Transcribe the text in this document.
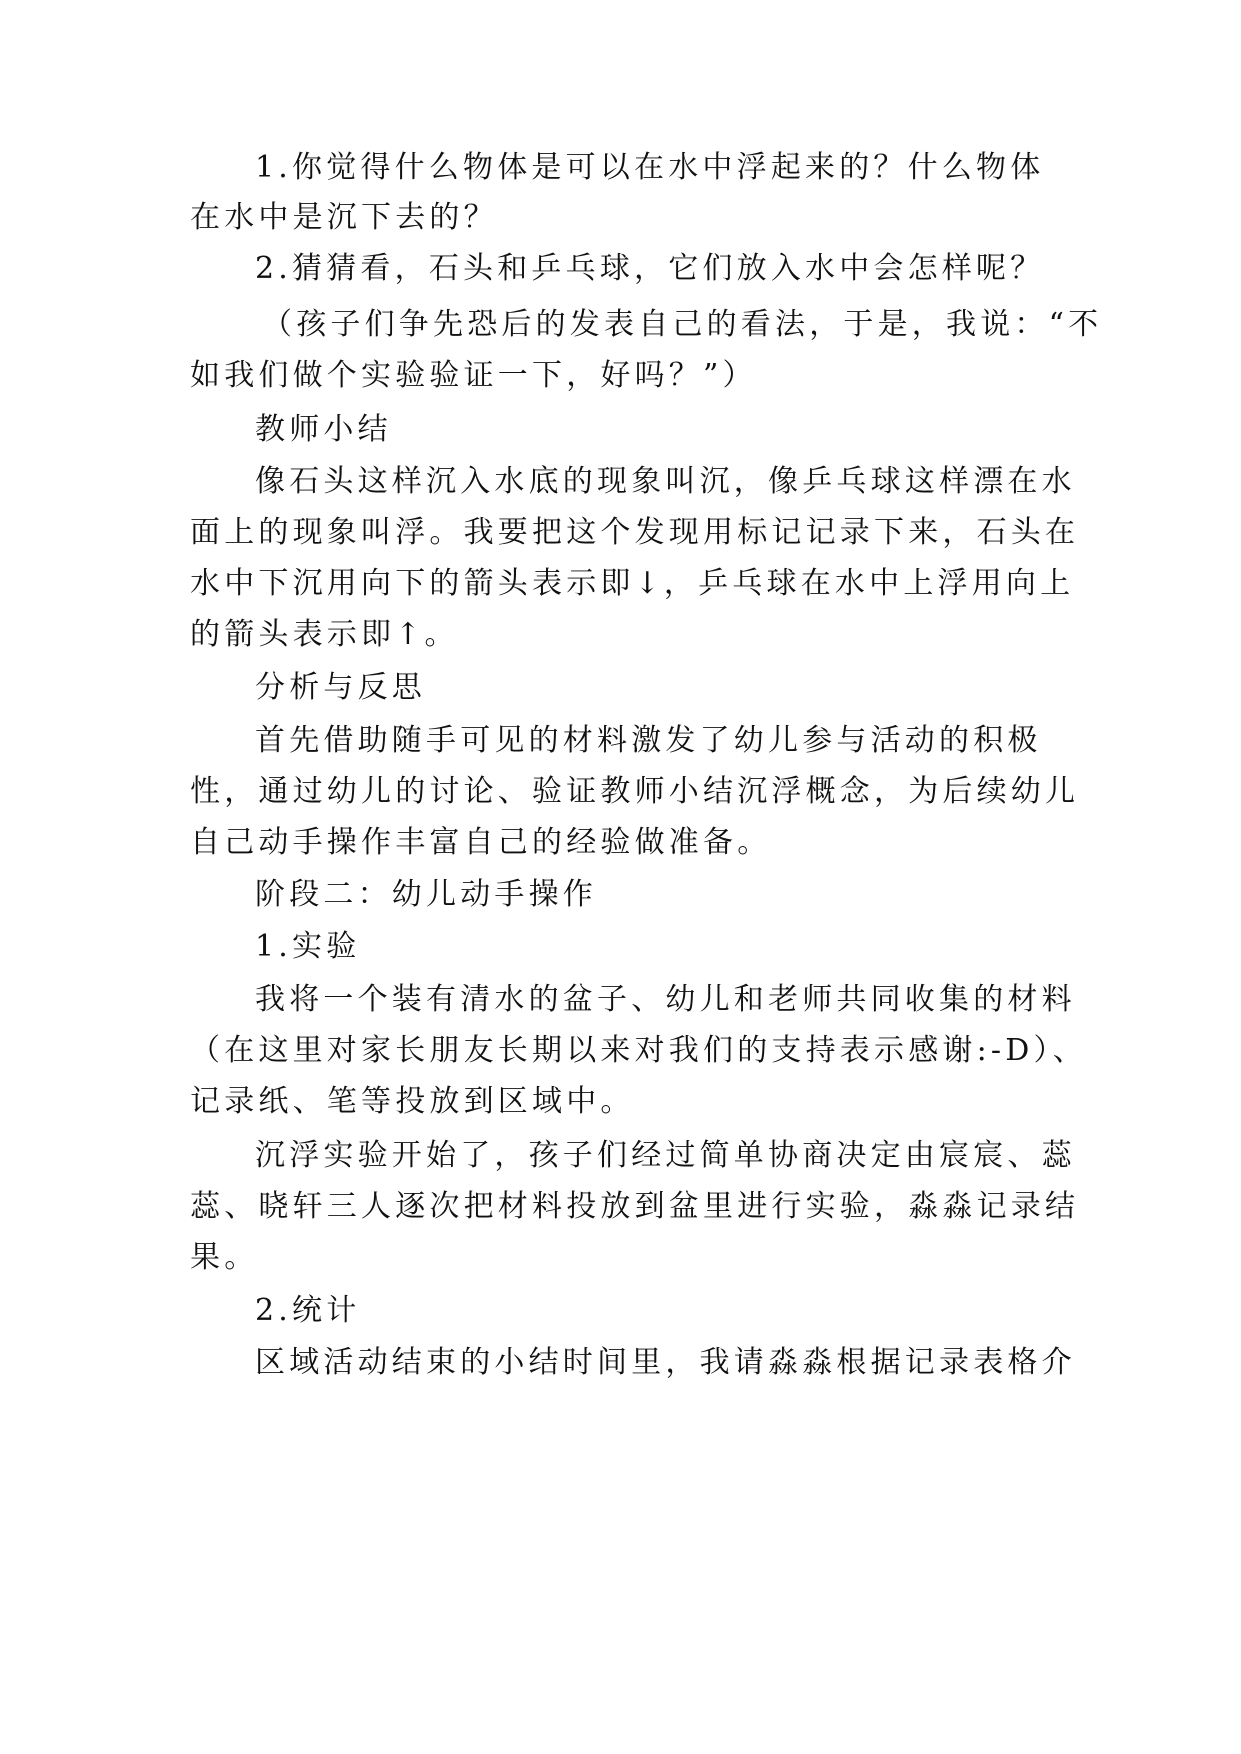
1.你觉得什么物体是可以在水中浮起来的？什么物体
在水中是沉下去的？
2.猜猜看，石头和乒乓球，它们放入水中会怎样呢？
（孩子们争先恐后的发表自己的看法，于是，我说：“不
如我们做个实验验证一下，好吗？”）
教师小结
像石头这样沉入水底的现象叫沉，像乒乓球这样漂在水
面上的现象叫浮。我要把这个发现用标记记录下来，石头在
水中下沉用向下的箭头表示即↓，乒乓球在水中上浮用向上
的箭头表示即↑。
分析与反思
首先借助随手可见的材料激发了幼儿参与活动的积极
性，通过幼儿的讨论、验证教师小结沉浮概念，为后续幼儿
自己动手操作丰富自己的经验做准备。
阶段二：幼儿动手操作
1.实验
我将一个装有清水的盆子、幼儿和老师共同收集的材料
（在这里对家长朋友长期以来对我们的支持表示感谢:-D）、
记录纸、笔等投放到区域中。
沉浮实验开始了，孩子们经过简单协商决定由宸宸、蕊
蕊、晓轩三人逐次把材料投放到盆里进行实验，淼淼记录结
果。
2.统计
区域活动结束的小结时间里，我请淼淼根据记录表格介
